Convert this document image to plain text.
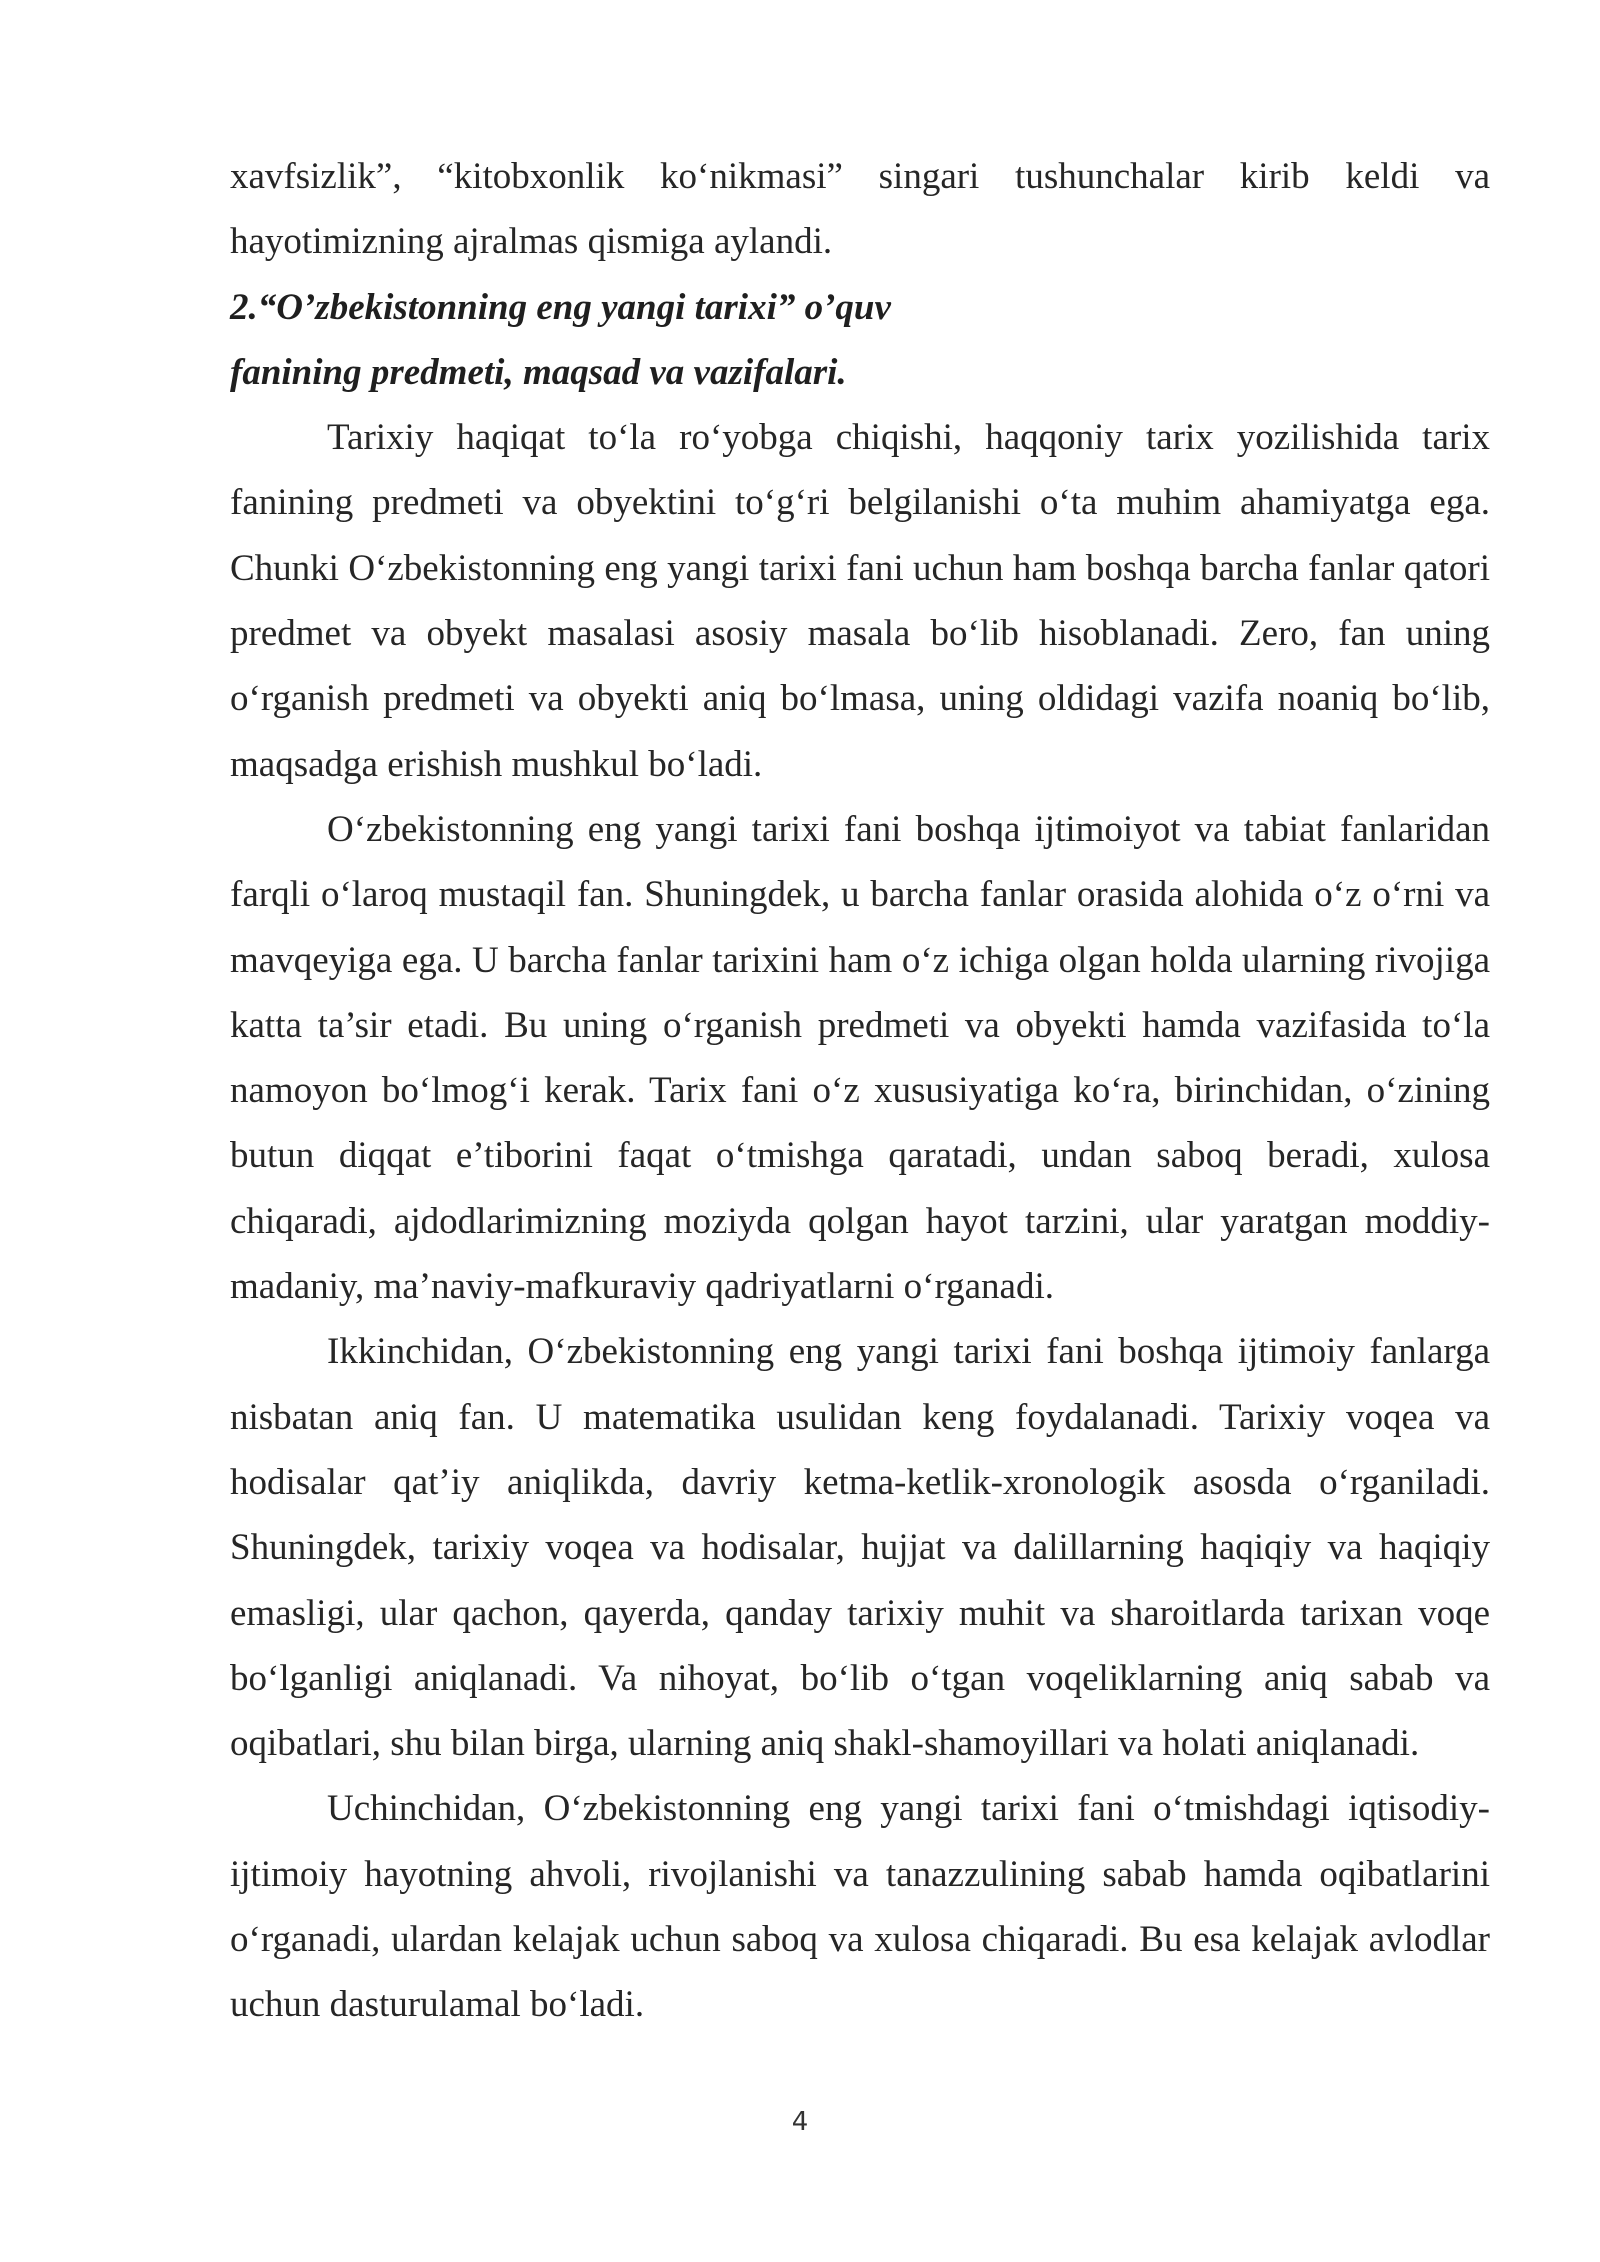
xavfsizlik”, “kitobxonlik ko‘nikmasi” singari tushunchalar kirib keldi va hayotimizning ajralmas qismiga aylandi.

2.“O’zbekistonning eng yangi tarixi” o’quv

fanining predmeti, maqsad va vazifalari.

Tarixiy haqiqat to‘la ro‘yobga chiqishi, haqqoniy tarix yozilishida tarix fanining predmeti va obyektini to‘g‘ri belgilanishi o‘ta muhim ahamiyatga ega. Chunki O‘zbekistonning eng yangi tarixi fani uchun ham boshqa barcha fanlar qatori predmet va obyekt masalasi asosiy masala bo‘lib hisoblanadi. Zero, fan uning o‘rganish predmeti va obyekti aniq bo‘lmasa, uning oldidagi vazifa noaniq bo‘lib, maqsadga erishish mushkul bo‘ladi.

O‘zbekistonning eng yangi tarixi fani boshqa ijtimoiyot va tabiat fanlaridan farqli o‘laroq mustaqil fan. Shuningdek, u barcha fanlar orasida alohida o‘z o‘rni va mavqeyiga ega. U barcha fanlar tarixini ham o‘z ichiga olgan holda ularning rivojiga katta ta’sir etadi. Bu uning o‘rganish predmeti va obyekti hamda vazifasida to‘la namoyon bo‘lmog‘i kerak. Tarix fani o‘z xususiyatiga ko‘ra, birinchidan, o‘zining butun diqqat e’tiborini faqat o‘tmishga qaratadi, undan saboq beradi, xulosa chiqaradi, ajdodlarimizning moziyda qolgan hayot tarzini, ular yaratgan moddiy-madaniy, ma’naviy-mafkuraviy qadriyatlarni o‘rganadi.

Ikkinchidan, O‘zbekistonning eng yangi tarixi fani boshqa ijtimoiy fanlarga nisbatan aniq fan. U matematika usulidan keng foydalanadi. Tarixiy voqea va hodisalar qat’iy aniqlikda, davriy ketma-ketlik-xronologik asosda o‘rganiladi. Shuningdek, tarixiy voqea va hodisalar, hujjat va dalillarning haqiqiy va haqiqiy emasligi, ular qachon, qayerda, qanday tarixiy muhit va sharoitlarda tarixan voqe bo‘lganligi aniqlanadi. Va nihoyat, bo‘lib o‘tgan voqeliklarning aniq sabab va oqibatlari, shu bilan birga, ularning aniq shakl-shamoyillari va holati aniqlanadi.

Uchinchidan, O‘zbekistonning eng yangi tarixi fani o‘tmishdagi iqtisodiy-ijtimoiy hayotning ahvoli, rivojlanishi va tanazzulining sabab hamda oqibatlarini o‘rganadi, ulardan kelajak uchun saboq va xulosa chiqaradi. Bu esa kelajak avlodlar uchun dasturulamal bo‘ladi.

4
